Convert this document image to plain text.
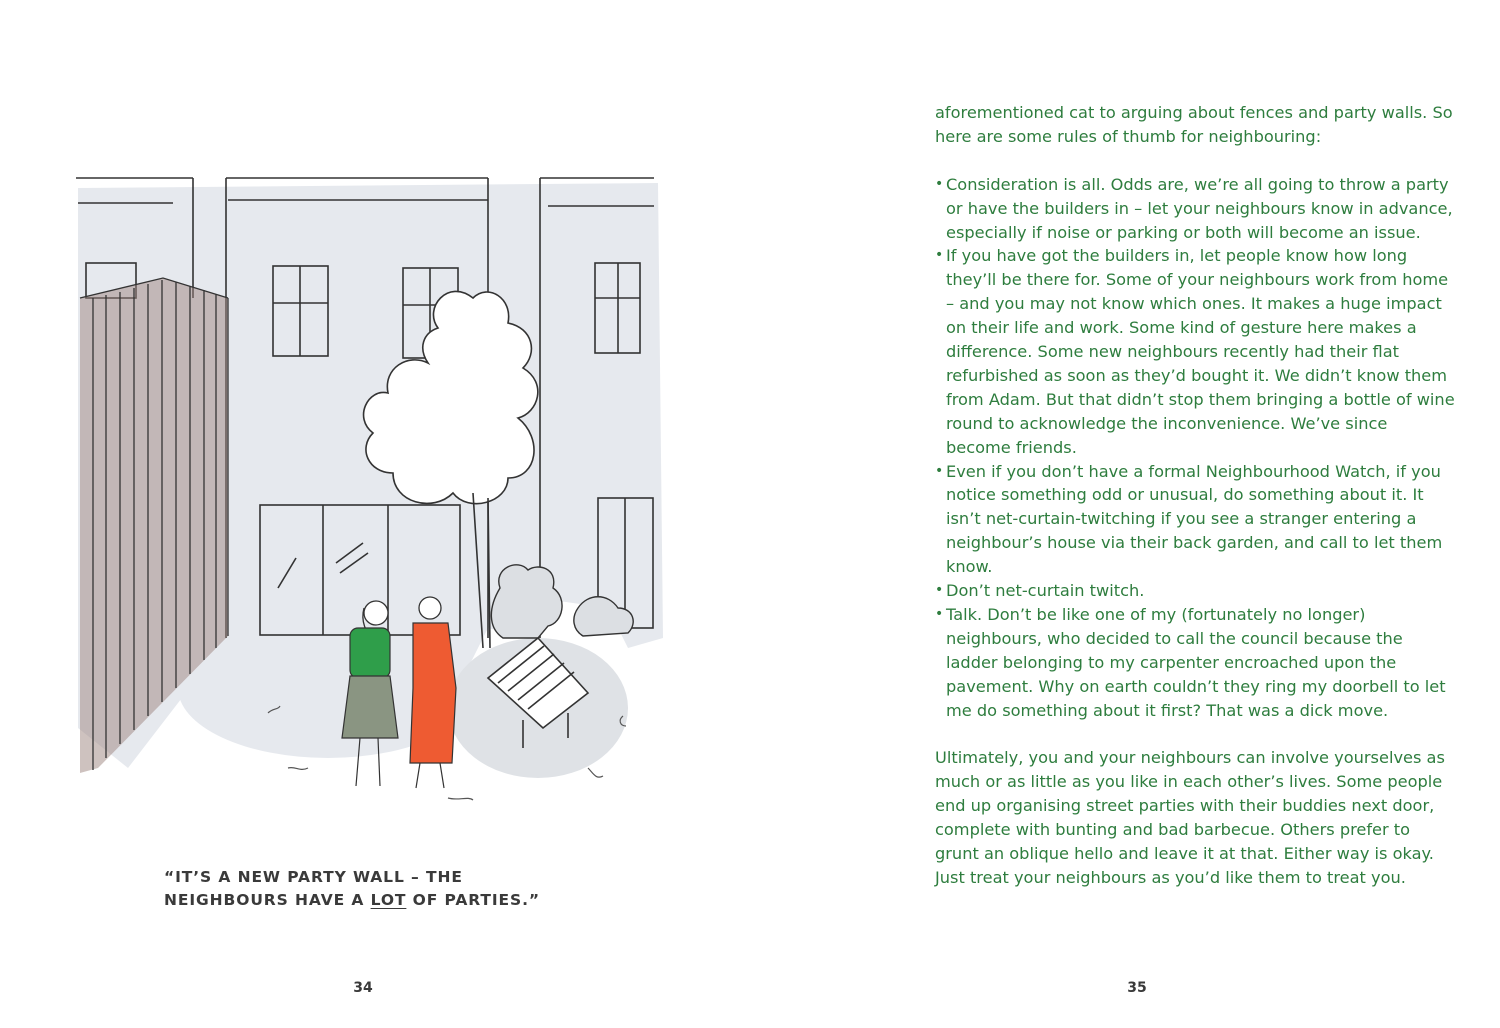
“IT’S A NEW PARTY WALL – THE NEIGHBOURS HAVE A LOT OF PARTIES.”
34

aforementioned cat to arguing about fences and party walls. So here are some rules of thumb for neighbouring:

• Consideration is all. Odds are, we’re all going to throw a party or have the builders in – let your neighbours know in advance, especially if noise or parking or both will become an issue.
• If you have got the builders in, let people know how long they’ll be there for. Some of your neighbours work from home – and you may not know which ones. It makes a huge impact on their life and work. Some kind of gesture here makes a difference. Some new neighbours recently had their flat refurbished as soon as they’d bought it. We didn’t know them from Adam. But that didn’t stop them bringing a bottle of wine round to acknowledge the inconvenience. We’ve since become friends.
• Even if you don’t have a formal Neighbourhood Watch, if you notice something odd or unusual, do something about it. It isn’t net-curtain-twitching if you see a stranger entering a neighbour’s house via their back garden, and call to let them know.
• Don’t net-curtain twitch.
• Talk. Don’t be like one of my (fortunately no longer) neighbours, who decided to call the council because the ladder belonging to my carpenter encroached upon the pavement. Why on earth couldn’t they ring my doorbell to let me do something about it first? That was a dick move.

Ultimately, you and your neighbours can involve yourselves as much or as little as you like in each other’s lives. Some people end up organising street parties with their buddies next door, complete with bunting and bad barbecue. Others prefer to grunt an oblique hello and leave it at that. Either way is okay. Just treat your neighbours as you’d like them to treat you.

35
